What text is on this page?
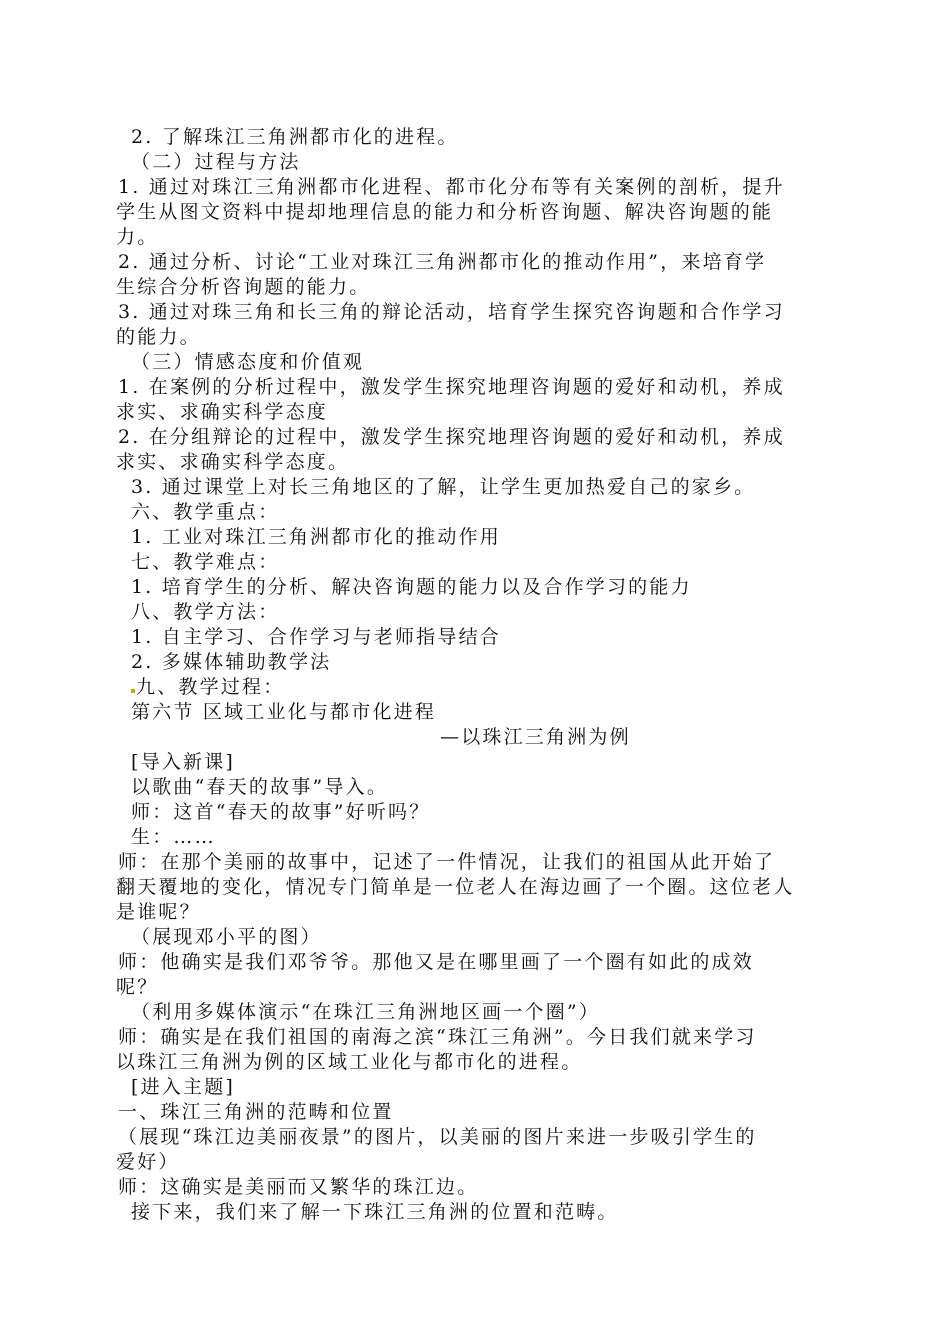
2. 了解珠江三角洲都市化的进程。
（二）过程与方法
1. 通过对珠江三角洲都市化进程、都市化分布等有关案例的剖析，提升
学生从图文资料中提却地理信息的能力和分析咨询题、解决咨询题的能
力。
2. 通过分析、讨论“工业对珠江三角洲都市化的推动作用”，来培育学
生综合分析咨询题的能力。
3. 通过对珠三角和长三角的辩论活动，培育学生探究咨询题和合作学习
的能力。
（三）情感态度和价值观
1. 在案例的分析过程中，激发学生探究地理咨询题的爱好和动机，养成
求实、求确实科学态度
2. 在分组辩论的过程中，激发学生探究地理咨询题的爱好和动机，养成
求实、求确实科学态度。
3. 通过课堂上对长三角地区的了解，让学生更加热爱自己的家乡。
六、教学重点：
1. 工业对珠江三角洲都市化的推动作用
七、教学难点：
1. 培育学生的分析、解决咨询题的能力以及合作学习的能力
八、教学方法：
1. 自主学习、合作学习与老师指导结合
2. 多媒体辅助教学法
九、教学过程：
第六节 区域工业化与都市化进程
—以珠江三角洲为例
[导入新课]
以歌曲“春天的故事”导入。
师：这首“春天的故事”好听吗？
生：……
师：在那个美丽的故事中，记述了一件情况，让我们的祖国从此开始了
翻天覆地的变化，情况专门简单是一位老人在海边画了一个圈。这位老人
是谁呢？
（展现邓小平的图）
师：他确实是我们邓爷爷。那他又是在哪里画了一个圈有如此的成效
呢？
（利用多媒体演示“在珠江三角洲地区画一个圈”）
师：确实是在我们祖国的南海之滨“珠江三角洲”。今日我们就来学习
以珠江三角洲为例的区域工业化与都市化的进程。
[进入主题]
一、珠江三角洲的范畴和位置
（展现“珠江边美丽夜景”的图片，以美丽的图片来进一步吸引学生的
爱好）
师：这确实是美丽而又繁华的珠江边。
接下来，我们来了解一下珠江三角洲的位置和范畴。
